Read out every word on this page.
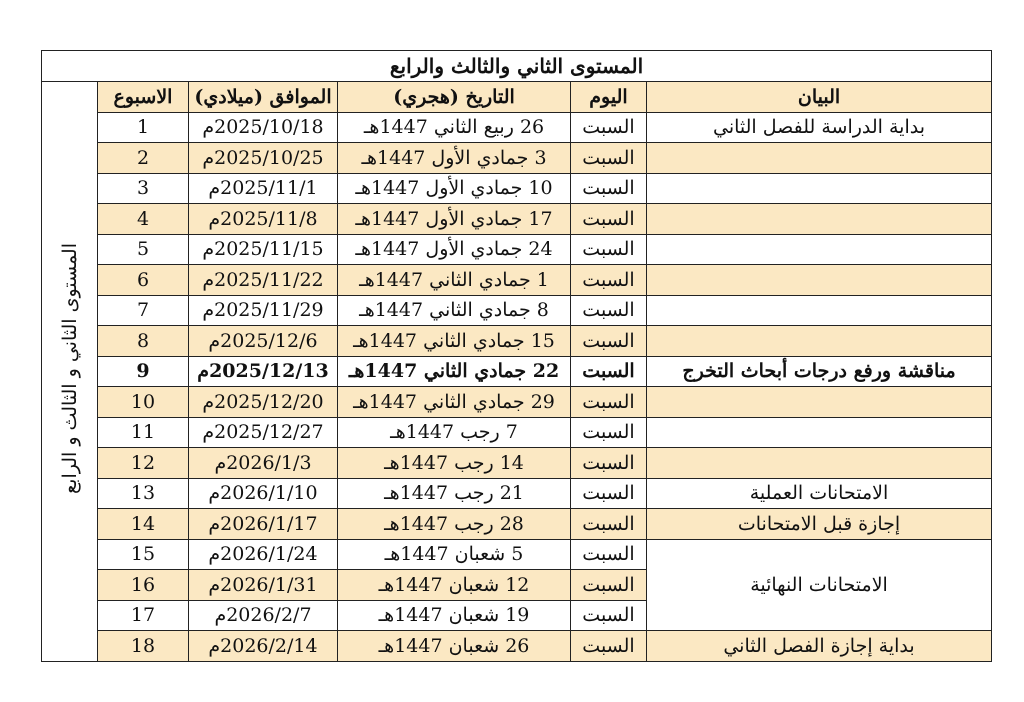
المستوى الثاني والثالث والرابع					
المستوى الثاني و الثالث و الرابع	الاسبوع	الموافق (ميلادي)	التاريخ (هجري)	اليوم	البيان
	1	2025/10/18م	26 ربيع الثاني 1447هـ	السبت	بداية الدراسة للفصل الثاني
	2	2025/10/25م	3 جمادي الأول 1447هـ	السبت	
	3	2025/11/1م	10 جمادي الأول 1447هـ	السبت	
	4	2025/11/8م	17 جمادي الأول 1447هـ	السبت	
	5	2025/11/15م	24 جمادي الأول 1447هـ	السبت	
	6	2025/11/22م	1 جمادي الثاني 1447هـ	السبت	
	7	2025/11/29م	8 جمادي الثاني 1447هـ	السبت	
	8	2025/12/6م	15 جمادي الثاني 1447هـ	السبت	
	9	2025/12/13م	22 جمادي الثاني 1447هـ	السبت	مناقشة ورفع درجات أبحاث التخرج
	10	2025/12/20م	29 جمادي الثاني 1447هـ	السبت	
	11	2025/12/27م	7 رجب 1447هـ	السبت	
	12	2026/1/3م	14 رجب 1447هـ	السبت	
	13	2026/1/10م	21 رجب 1447هـ	السبت	الامتحانات العملية
	14	2026/1/17م	28 رجب 1447هـ	السبت	إجازة قبل الامتحانات
	15	2026/1/24م	5 شعبان 1447هـ	السبت	الامتحانات النهائية
	16	2026/1/31م	12 شعبان 1447هـ	السبت	
	17	2026/2/7م	19 شعبان 1447هـ	السبت	
	18	2026/2/14م	26 شعبان 1447هـ	السبت	بداية إجازة الفصل الثاني
